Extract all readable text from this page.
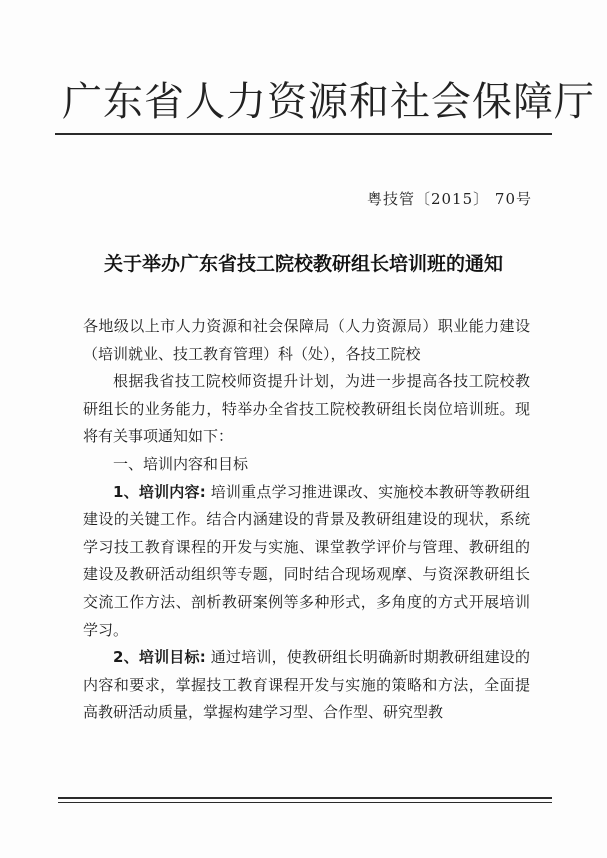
广东省人力资源和社会保障厅
粤技管〔2015〕 70号
关于举办广东省技工院校教研组长培训班的通知

各地级以上市人力资源和社会保障局（人力资源局）职业能力建设（培训就业、技工教育管理）科（处），各技工院校

根据我省技工院校师资提升计划，为进一步提高各技工院校教研组长的业务能力，特举办全省技工院校教研组长岗位培训班。现将有关事项通知如下：

一、培训内容和目标

1、培训内容: 培训重点学习推进课改、实施校本教研等教研组建设的关键工作。结合内涵建设的背景及教研组建设的现状，系统学习技工教育课程的开发与实施、课堂教学评价与管理、教研组的建设及教研活动组织等专题，同时结合现场观摩、与资深教研组长交流工作方法、剖析教研案例等多种形式，多角度的方式开展培训学习。

2、培训目标: 通过培训，使教研组长明确新时期教研组建设的内容和要求，掌握技工教育课程开发与实施的策略和方法，全面提高教研活动质量，掌握构建学习型、合作型、研究型教
